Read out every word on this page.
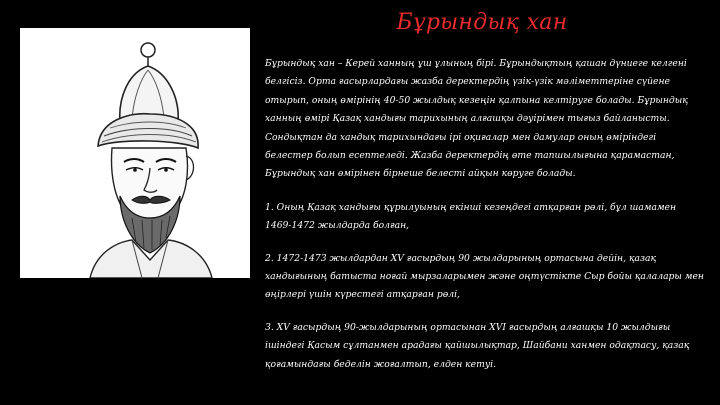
Бұрындық хан

Бұрындық хан – Керей ханның ұш ұлының бірі. Бұрындықтың қашан дүниеге келгені белгісіз. Орта ғасырлардағы жазба деректердің үзік-үзік мәліметтеріне сүйене отырып, оның өмірінің 40-50 жылдық кезеңін қалпына келтіруге болады. Бұрындық ханның өмірі Қазақ хандығы тарихының алғашқы дәуірімен тығыз байланысты. Сондықтан да хандық тарихындағы ірі оқиғалар мен дамулар оның өміріндегі белестер болып есептеледі. Жазба деректердің өте тапшылығына қарамастан, Бұрындық хан өмірінен бірнеше белесті айқын көруге болады.

1. Оның Қазақ хандығы құрылуының екінші кезеңдегі атқарған рөлі, бұл шамамен 1469-1472 жылдарда болған,

2. 1472-1473 жылдардан XV ғасырдың 90 жылдарының ортасына дейін, қазақ хандығының батыста ноғай мырзаларымен және оңтүстікте Сыр бойы қалалары мен өңірлері үшін күрестегі атқарған рөлі,

3. XV ғасырдың 90-жылдарының ортасынан XVI ғасырдың алғашқы 10 жылдығы ішіндегі Қасым сұлтанмен арадағы қайшылықтар, Шайбани ханмен одақтасу, қазақ қоғамындағы беделін жоғалтып, елден кетуі.
